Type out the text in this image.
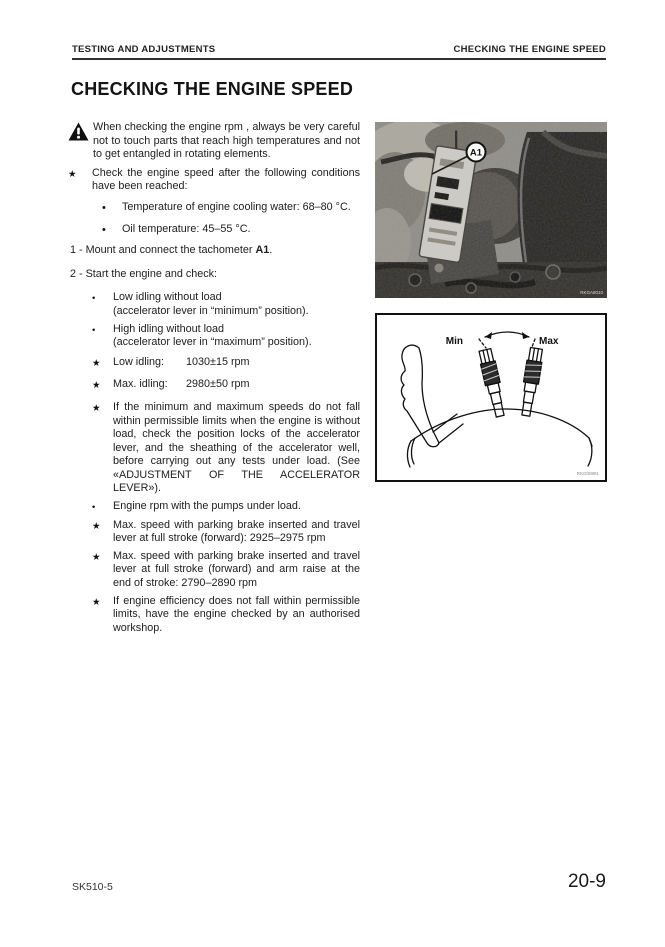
TESTING AND ADJUSTMENTS	CHECKING THE ENGINE SPEED
CHECKING THE ENGINE SPEED
When checking the engine rpm , always be very careful not to touch parts that reach high temperatures and not to get entangled in rotating elements.
★	Check the engine speed after the following conditions have been reached:
•	Temperature of engine cooling water: 68–80 °C.
•	Oil temperature: 45–55 °C.
1 - Mount and connect the tachometer A1.
2 - Start the engine and check:
•	Low idling without load
(accelerator lever in “minimum” position).
•	High idling without load
(accelerator lever in “maximum” position).
★	Low idling: 1030±15 rpm
★	Max. idling: 2980±50 rpm
★	If the minimum and maximum speeds do not fall within permissible limits when the engine is without load, check the position locks of the accelerator lever, and the sheathing of the accelerator well, before carrying out any tests under load. (See «ADJUSTMENT OF THE ACCELERATOR LEVER»).
•	Engine rpm with the pumps under load.
★	Max. speed with parking brake inserted and travel lever at full stroke (forward): 2925–2975 rpm
★	Max. speed with parking brake inserted and travel lever at full stroke (forward) and arm raise at the end of stroke: 2790–2890 rpm
★	If engine efficiency does not fall within permissible limits, have the engine checked by an authorised workshop.
Min	Max
RKG00891
SK510-5	20-9
